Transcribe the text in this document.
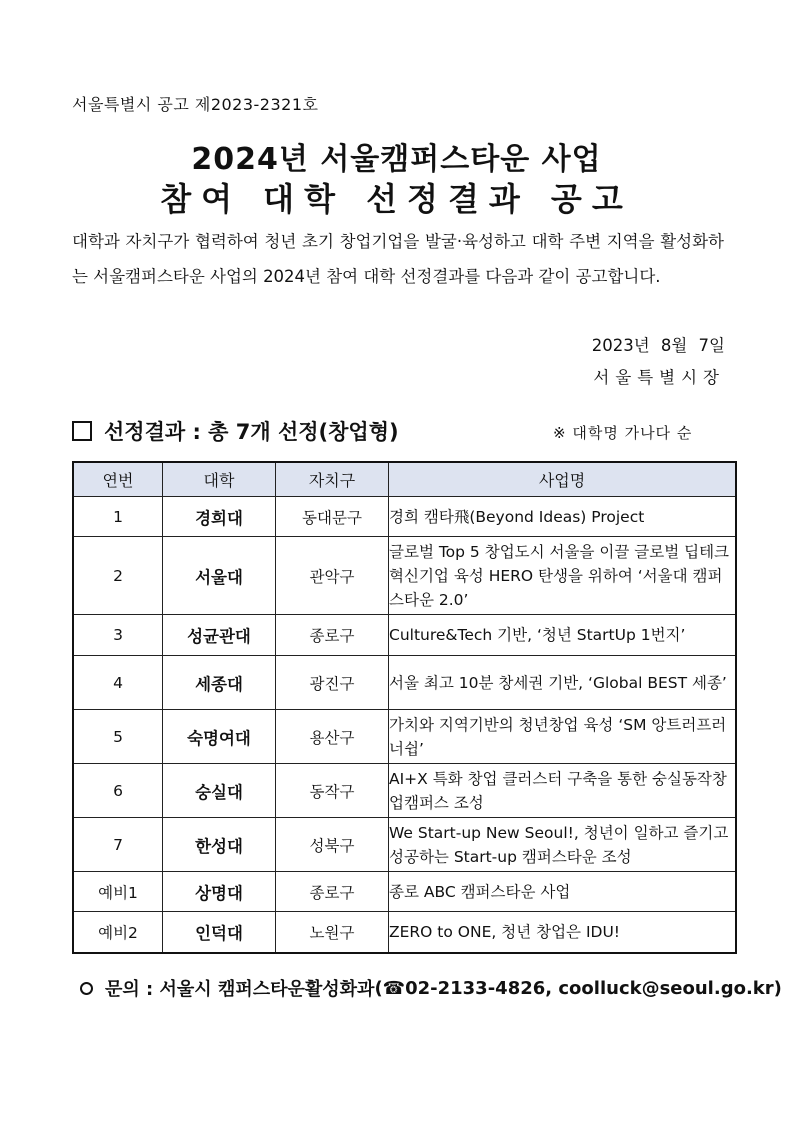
서울특별시 공고 제2023-2321호
2024년 서울캠퍼스타운 사업
참여 대학 선정결과 공고
대학과 자치구가 협력하여 청년 초기 창업기업을 발굴·육성하고 대학 주변 지역을 활성화하는 서울캠퍼스타운 사업의 2024년 참여 대학 선정결과를 다음과 같이 공고합니다.
2023년 8월 7일
서울특별시장
선정결과 : 총 7개 선정(창업형)	※ 대학명 가나다 순
연번	대학	자치구	사업명
1	경희대	동대문구	경희 캠타飛(Beyond Ideas) Project
2	서울대	관악구	글로벌 Top 5 창업도시 서울을 이끌 글로벌 딥테크 혁신기업 육성 HERO 탄생을 위하여 ‘서울대 캠퍼스타운 2.0’
3	성균관대	종로구	Culture&Tech 기반, ‘청년 StartUp 1번지’
4	세종대	광진구	서울 최고 10분 창세권 기반, ‘Global BEST 세종’
5	숙명여대	용산구	가치와 지역기반의 청년창업 육성 ‘SM 앙트러프러너쉽’
6	숭실대	동작구	AI+X 특화 창업 클러스터 구축을 통한 숭실동작창업캠퍼스 조성
7	한성대	성북구	We Start-up New Seoul!, 청년이 일하고 즐기고 성공하는 Start-up 캠퍼스타운 조성
예비1	상명대	종로구	종로 ABC 캠퍼스타운 사업
예비2	인덕대	노원구	ZERO to ONE, 청년 창업은 IDU!
문의 : 서울시 캠퍼스타운활성화과 ( ☎ 02-2133-4826, coolluck@seoul.go.kr)
